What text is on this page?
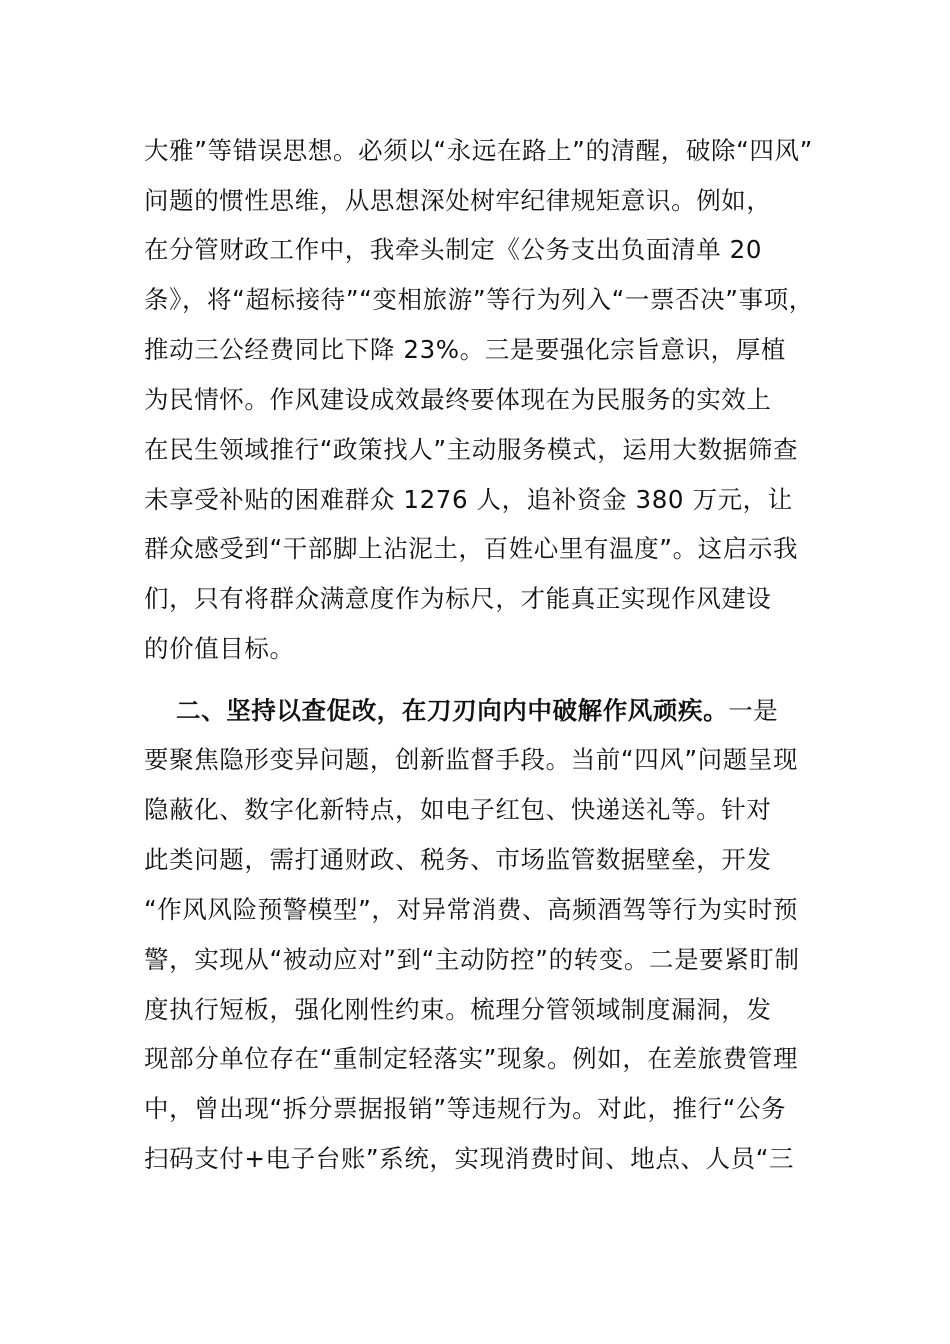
大雅”等错误思想。必须以“永远在路上”的清醒，破除“四风”
问题的惯性思维，从思想深处树牢纪律规矩意识。例如，
在分管财政工作中，我牵头制定《公务支出负面清单 20
条》，将“超标接待”“变相旅游”等行为列入“一票否决”事项，
推动三公经费同比下降 23%。三是要强化宗旨意识，厚植
为民情怀。作风建设成效最终要体现在为民服务的实效上
在民生领域推行“政策找人”主动服务模式，运用大数据筛查
未享受补贴的困难群众 1276 人，追补资金 380 万元，让
群众感受到“干部脚上沾泥土，百姓心里有温度”。这启示我
们，只有将群众满意度作为标尺，才能真正实现作风建设
的价值目标。
二、坚持以查促改，在刀刃向内中破解作风顽疾。一是
要聚焦隐形变异问题，创新监督手段。当前“四风”问题呈现
隐蔽化、数字化新特点，如电子红包、快递送礼等。针对
此类问题，需打通财政、税务、市场监管数据壁垒，开发
“作风风险预警模型”，对异常消费、高频酒驾等行为实时预
警，实现从“被动应对”到“主动防控”的转变。二是要紧盯制
度执行短板，强化刚性约束。梳理分管领域制度漏洞，发
现部分单位存在“重制定轻落实”现象。例如，在差旅费管理
中，曾出现“拆分票据报销”等违规行为。对此，推行“公务
扫码支付+电子台账”系统，实现消费时间、地点、人员“三
